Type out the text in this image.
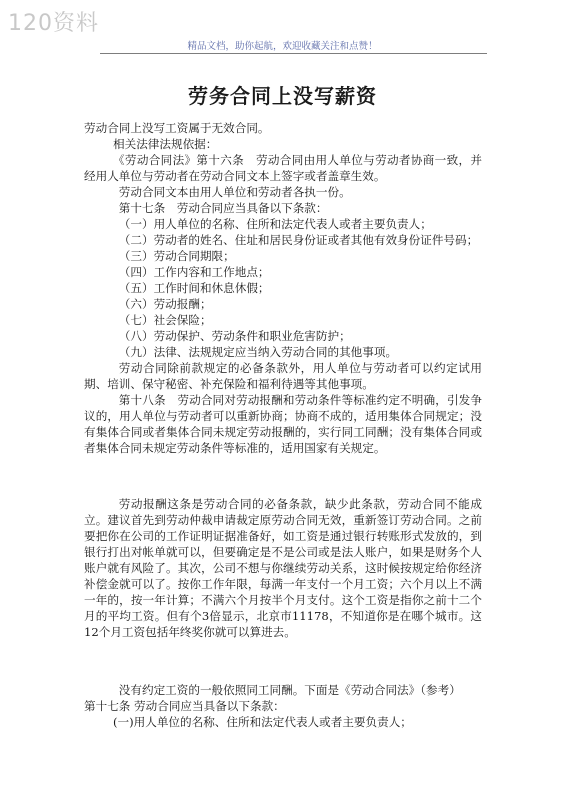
120资料
精品文档，助你起航，欢迎收藏关注和点赞！
劳务合同上没写薪资

劳动合同上没写工资属于无效合同。

相关法律法规依据：

《劳动合同法》第十六条　劳动合同由用人单位与劳动者协商一致，并经用人单位与劳动者在劳动合同文本上签字或者盖章生效。

劳动合同文本由用人单位和劳动者各执一份。

第十七条　劳动合同应当具备以下条款：

（一）用人单位的名称、住所和法定代表人或者主要负责人；

（二）劳动者的姓名、住址和居民身份证或者其他有效身份证件号码；

（三）劳动合同期限；

（四）工作内容和工作地点；

（五）工作时间和休息休假；

（六）劳动报酬；

（七）社会保险；

（八）劳动保护、劳动条件和职业危害防护；

（九）法律、法规规定应当纳入劳动合同的其他事项。

劳动合同除前款规定的必备条款外，用人单位与劳动者可以约定试用期、培训、保守秘密、补充保险和福利待遇等其他事项。

第十八条　劳动合同对劳动报酬和劳动条件等标准约定不明确，引发争议的，用人单位与劳动者可以重新协商；协商不成的，适用集体合同规定；没有集体合同或者集体合同未规定劳动报酬的，实行同工同酬；没有集体合同或者集体合同未规定劳动条件等标准的，适用国家有关规定。

劳动报酬这条是劳动合同的必备条款，缺少此条款，劳动合同不能成立。建议首先到劳动仲裁申请裁定原劳动合同无效，重新签订劳动合同。之前要把你在公司的工作证明证据准备好，如工资是通过银行转账形式发放的，到银行打出对帐单就可以，但要确定是不是公司或是法人账户，如果是财务个人账户就有风险了。其次，公司不想与你继续劳动关系，这时候按规定给你经济补偿金就可以了。按你工作年限，每满一年支付一个月工资；六个月以上不满一年的，按一年计算；不满六个月按半个月支付。这个工资是指你之前十二个月的平均工资。但有个3倍显示，北京市11178，不知道你是在哪个城市。这12个月工资包括年终奖你就可以算进去。

没有约定工资的一般依照同工同酬。下面是《劳动合同法》（参考）

第十七条 劳动合同应当具备以下条款：

(一)用人单位的名称、住所和法定代表人或者主要负责人；
